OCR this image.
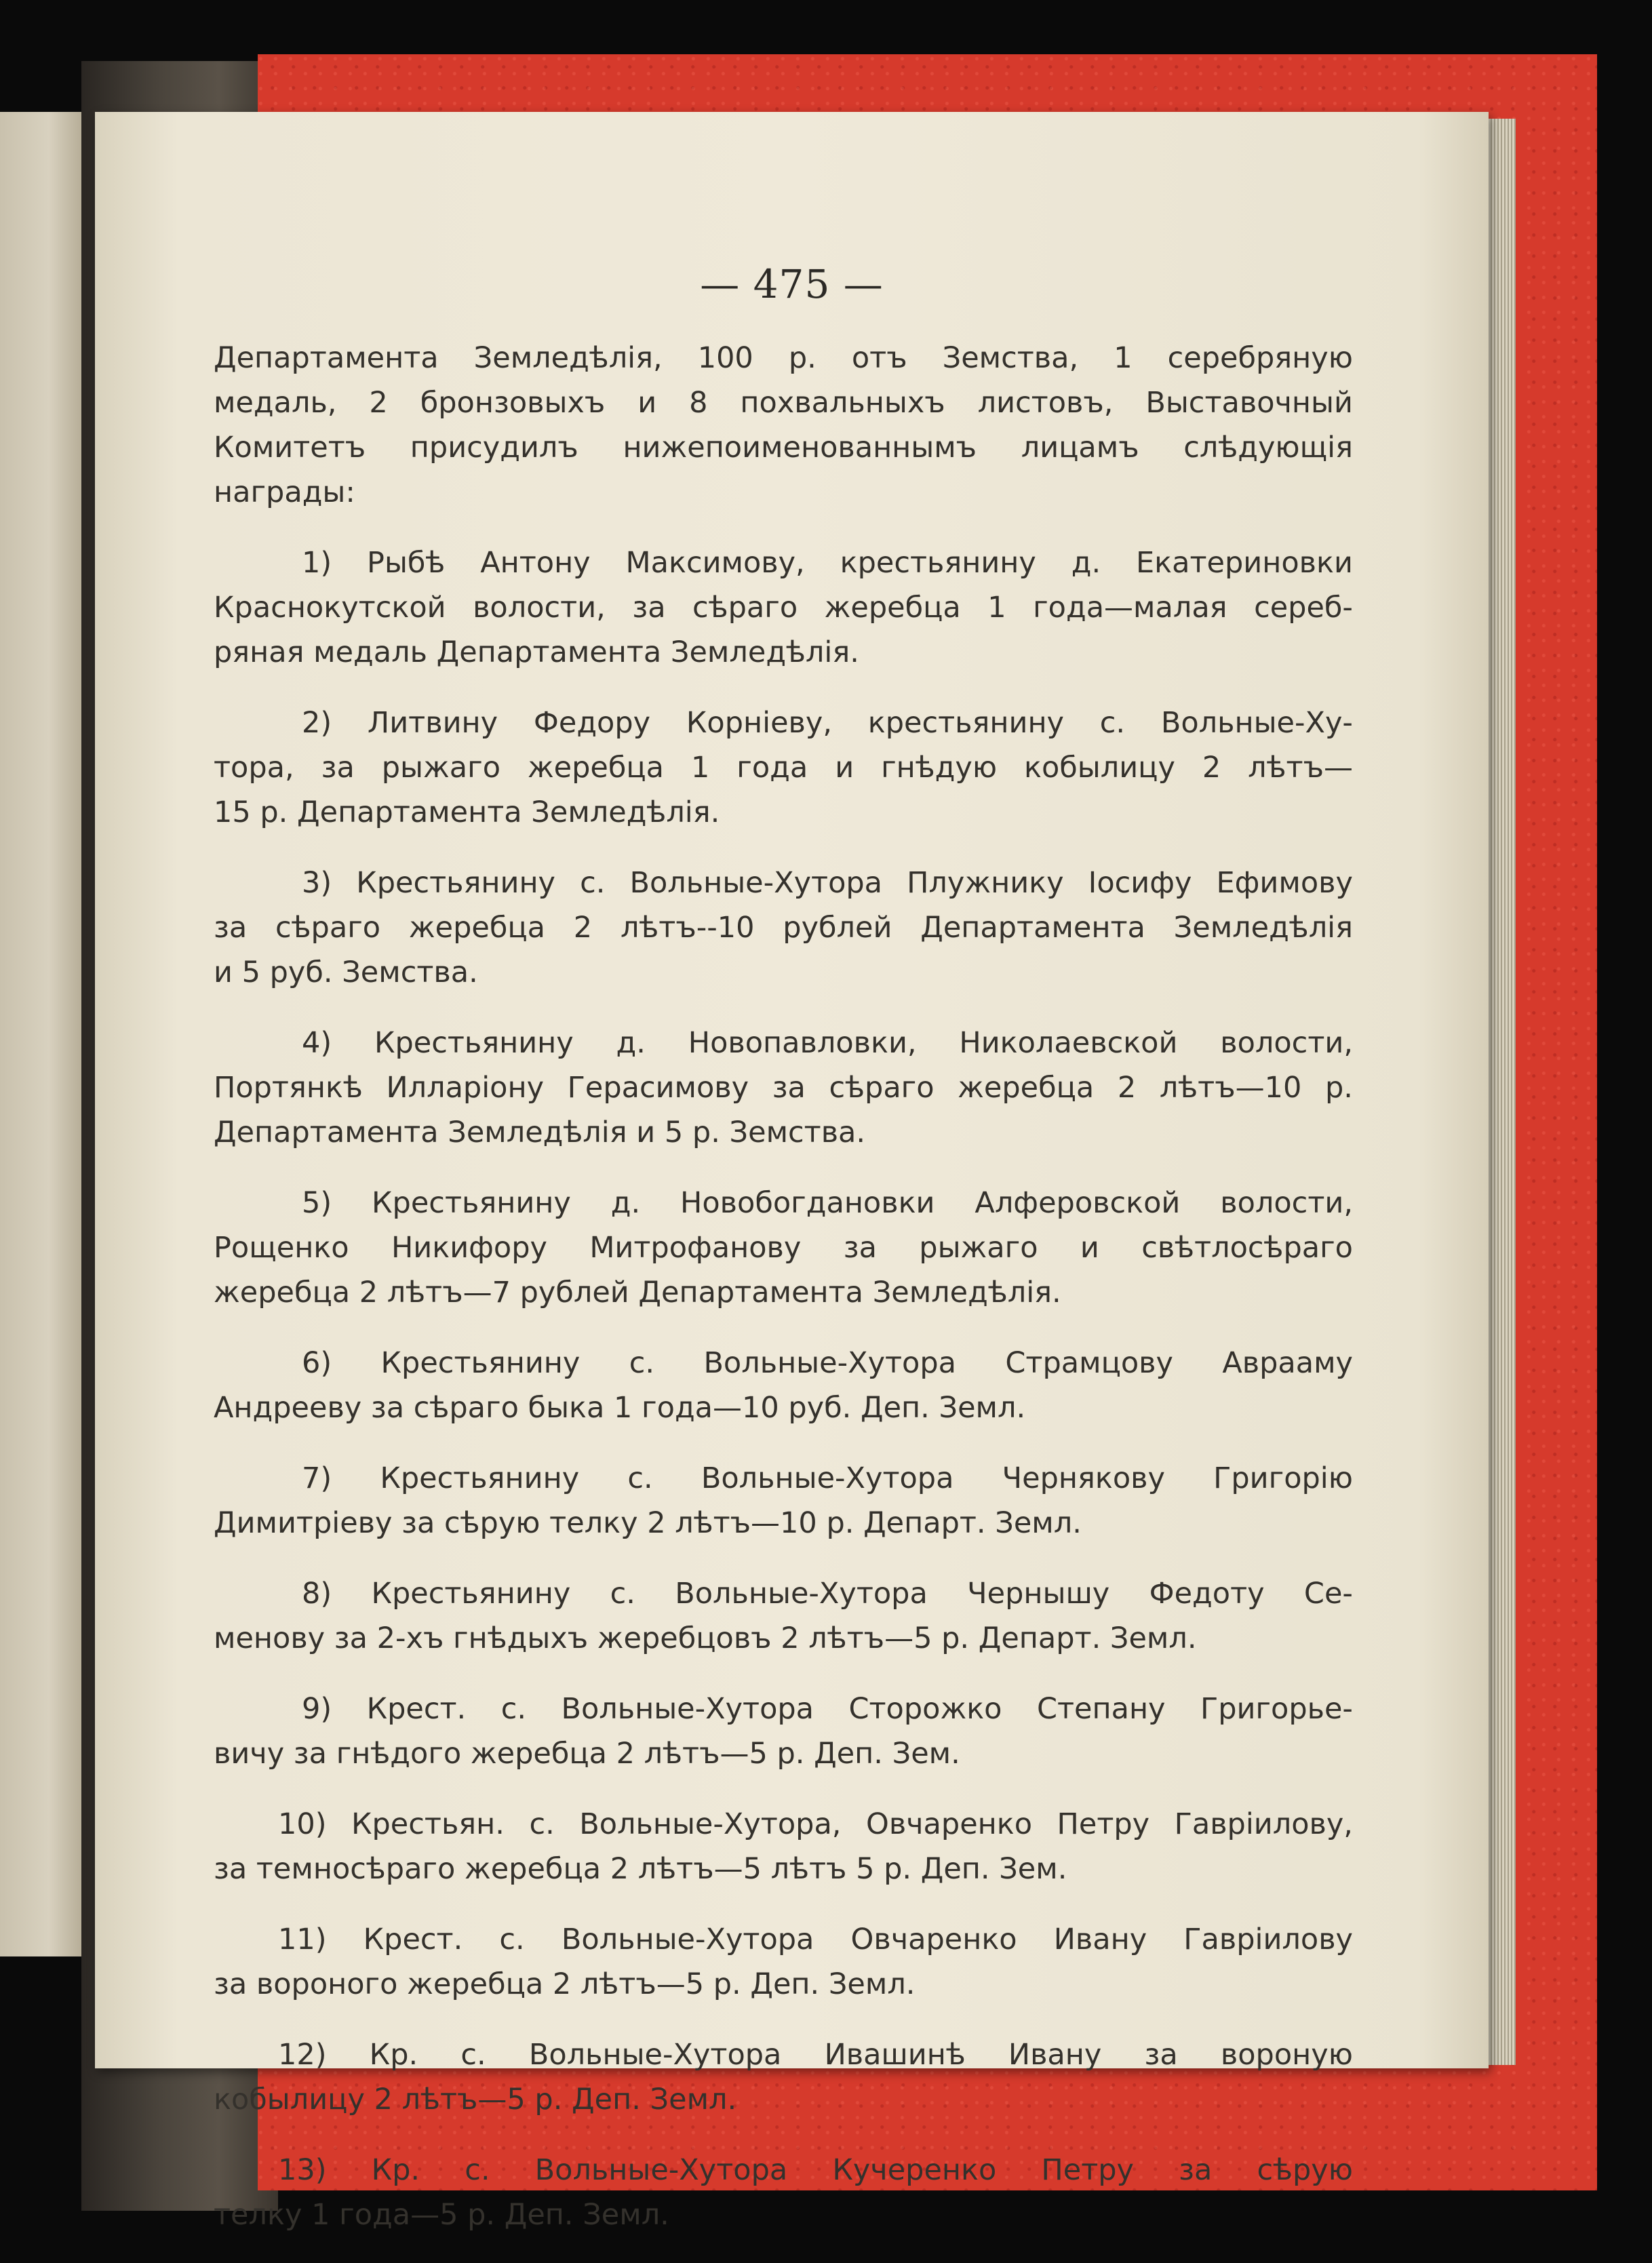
— 475 —
Департамента Земледѣлія, 100 р. отъ Земства, 1 серебряную
медаль, 2 бронзовыхъ и 8 похвальныхъ листовъ, Выставочный
Комитетъ присудилъ нижепоименованнымъ лицамъ слѣдующія
награды:
1) Рыбѣ Антону Максимову, крестьянину д. Екатериновки
Краснокутской волости, за сѣраго жеребца 1 года—малая сереб-
ряная медаль Департамента Земледѣлія.
2) Литвину Федору Корніеву, крестьянину с. Вольные-Ху-
тора, за рыжаго жеребца 1 года и гнѣдую кобылицу 2 лѣтъ—
15 р. Департамента Земледѣлія.
3) Крестьянину с. Вольные-Хутора Плужнику Іосифу Ефимову
за сѣраго жеребца 2 лѣтъ--10 рублей Департамента Земледѣлія
и 5 руб. Земства.
4) Крестьянину д. Новопавловки, Николаевской волости,
Портянкѣ Илларіону Герасимову за сѣраго жеребца 2 лѣтъ—10 р.
Департамента Земледѣлія и 5 р. Земства.
5) Крестьянину д. Новобогдановки Алферовской волости,
Рощенко Никифору Митрофанову за рыжаго и свѣтлосѣраго
жеребца 2 лѣтъ—7 рублей Департамента Земледѣлія.
6) Крестьянину с. Вольные-Хутора Страмцову Аврааму
Андрееву за сѣраго быка 1 года—10 руб. Деп. Земл.
7) Крестьянину с. Вольные-Хутора Чернякову Григорію
Димитріеву за сѣрую телку 2 лѣтъ—10 р. Департ. Земл.
8) Крестьянину с. Вольные-Хутора Чернышу Федоту Се-
менову за 2-хъ гнѣдыхъ жеребцовъ 2 лѣтъ—5 р. Департ. Земл.
9) Крест. с. Вольные-Хутора Сторожко Степану Григорье-
вичу за гнѣдого жеребца 2 лѣтъ—5 р. Деп. Зем.
10) Крестьян. с. Вольные-Хутора, Овчаренко Петру Гавріилову,
за темносѣраго жеребца 2 лѣтъ—5 лѣтъ 5 р. Деп. Зем.
11) Крест. с. Вольные-Хутора Овчаренко Ивану Гавріилову
за вороного жеребца 2 лѣтъ—5 р. Деп. Земл.
12) Кр. с. Вольные-Хутора Ивашинѣ Ивану за вороную
кобылицу 2 лѣтъ—5 р. Деп. Земл.
13) Кр. с. Вольные-Хутора Кучеренко Петру за сѣрую
телку 1 года—5 р. Деп. Земл.
